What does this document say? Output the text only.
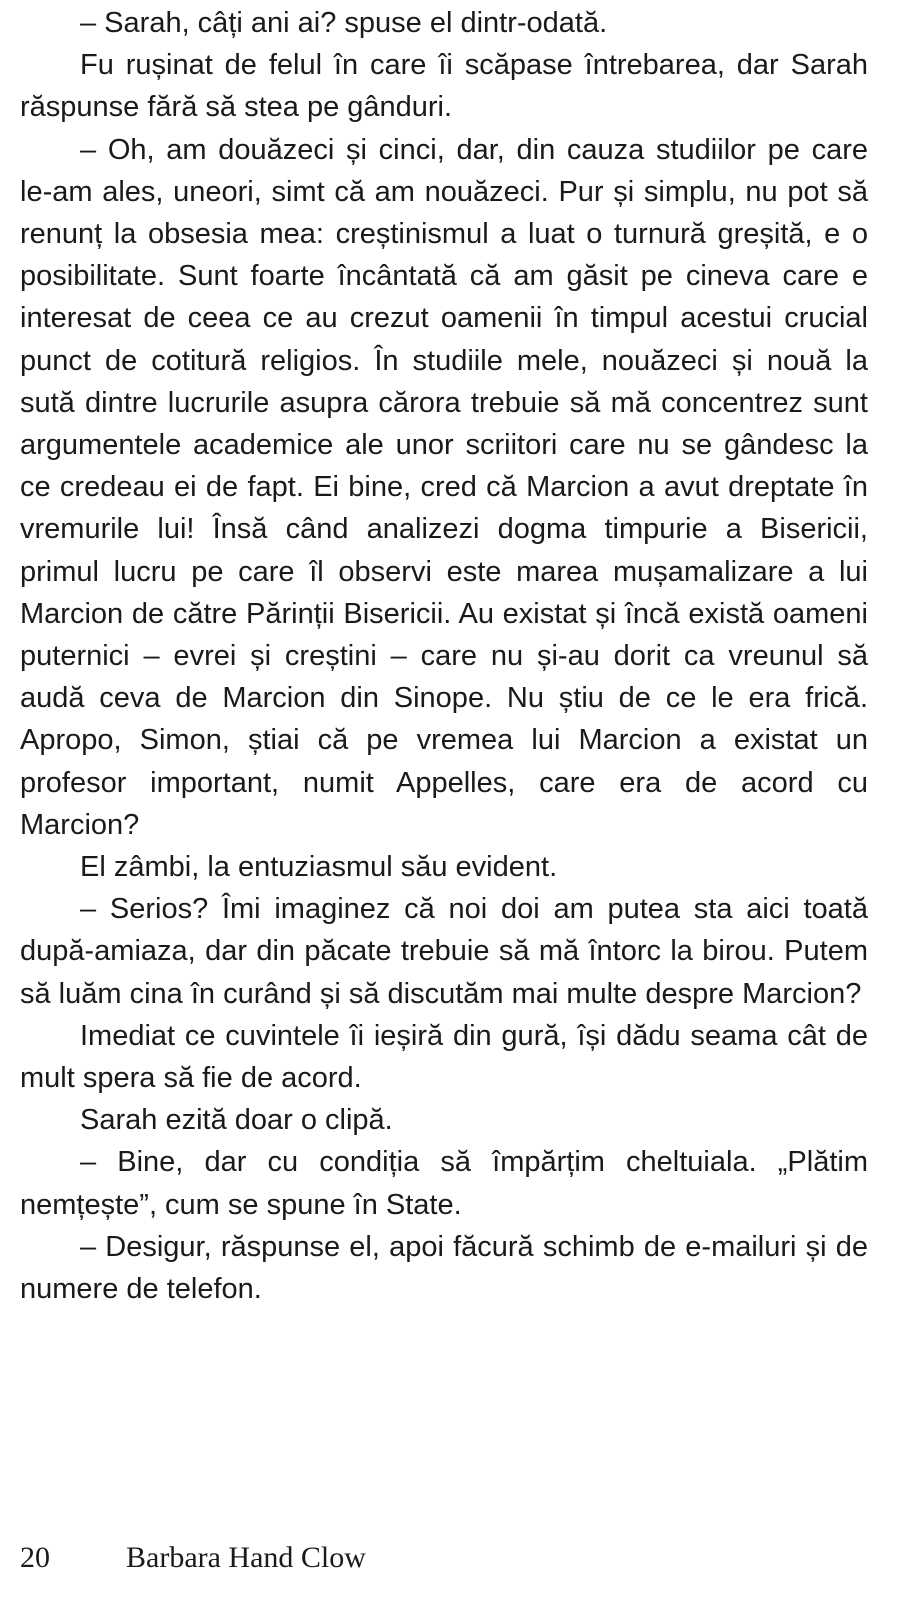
– Sarah, câți ani ai? spuse el dintr-odată.

Fu rușinat de felul în care îi scăpase întrebarea, dar Sarah răspunse fără să stea pe gânduri.

– Oh, am douăzeci și cinci, dar, din cauza studiilor pe care le-am ales, uneori, simt că am nouăzeci. Pur și simplu, nu pot să renunț la obsesia mea: creștinismul a luat o turnură greșită, e o posibilitate. Sunt foarte încântată că am găsit pe cineva care e interesat de ceea ce au crezut oamenii în timpul acestui crucial punct de cotitură religios. În studiile mele, nouăzeci și nouă la sută dintre lucrurile asupra cărora trebuie să mă concentrez sunt argumentele academice ale unor scriitori care nu se gândesc la ce credeau ei de fapt. Ei bine, cred că Marcion a avut dreptate în vremurile lui! Însă când analizezi dogma timpurie a Bisericii, primul lucru pe care îl observi este marea mușamalizare a lui Marcion de către Părinții Bisericii. Au existat și încă există oameni puternici – evrei și creștini – care nu și-au dorit ca vreunul să audă ceva de Marcion din Sinope. Nu știu de ce le era frică. Apropo, Simon, știai că pe vremea lui Marcion a existat un profesor important, numit Appelles, care era de acord cu Marcion?

El zâmbi, la entuziasmul său evident.

– Serios? Îmi imaginez că noi doi am putea sta aici toată după-amiaza, dar din păcate trebuie să mă întorc la birou. Putem să luăm cina în curând și să discutăm mai multe despre Marcion?

Imediat ce cuvintele îi ieșiră din gură, își dădu seama cât de mult spera să fie de acord.

Sarah ezită doar o clipă.

– Bine, dar cu condiția să împărțim cheltuiala. „Plătim nemțește”, cum se spune în State.

– Desigur, răspunse el, apoi făcură schimb de e-mailuri și de numere de telefon.

20	Barbara Hand Clow
